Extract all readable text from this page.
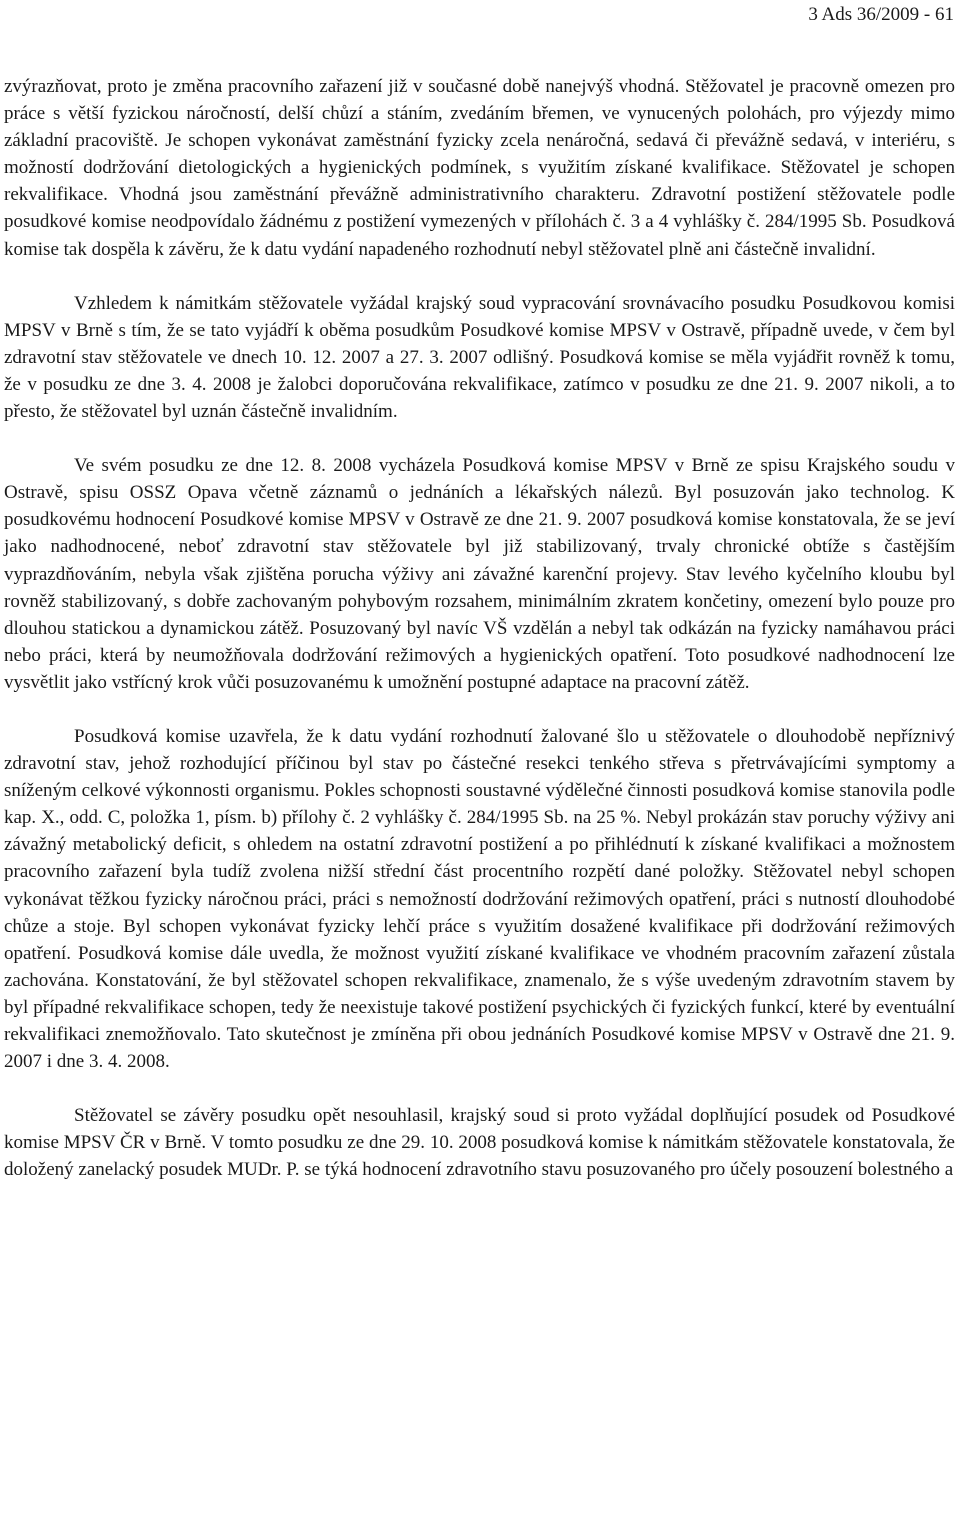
3 Ads 36/2009 - 61

zvýrazňovat, proto je změna pracovního zařazení již v současné době nanejvýš vhodná. Stěžovatel je pracovně omezen pro práce s větší fyzickou náročností, delší chůzí a stáním, zvedáním břemen, ve vynucených polohách, pro výjezdy mimo základní pracoviště. Je schopen vykonávat zaměstnání fyzicky zcela nenáročná, sedavá či převážně sedavá, v interiéru, s možností dodržování dietologických a hygienických podmínek, s využitím získané kvalifikace. Stěžovatel je schopen rekvalifikace. Vhodná jsou zaměstnání převážně administrativního charakteru. Zdravotní postižení stěžovatele podle posudkové komise neodpovídalo žádnému z postižení vymezených v přílohách č. 3 a 4 vyhlášky č. 284/1995 Sb. Posudková komise tak dospěla k závěru, že k datu vydání napadeného rozhodnutí nebyl stěžovatel plně ani částečně invalidní.

Vzhledem k námitkám stěžovatele vyžádal krajský soud vypracování srovnávacího posudku Posudkovou komisi MPSV v Brně s tím, že se tato vyjádří k oběma posudkům Posudkové komise MPSV v Ostravě, případně uvede, v čem byl zdravotní stav stěžovatele ve dnech 10. 12. 2007 a 27. 3. 2007 odlišný. Posudková komise se měla vyjádřit rovněž k tomu, že v posudku ze dne 3. 4. 2008 je žalobci doporučována rekvalifikace, zatímco v posudku ze dne 21. 9. 2007 nikoli, a to přesto, že stěžovatel byl uznán částečně invalidním.

Ve svém posudku ze dne 12. 8. 2008 vycházela Posudková komise MPSV v Brně ze spisu Krajského soudu v Ostravě, spisu OSSZ Opava včetně záznamů o jednáních a lékařských nálezů. Byl posuzován jako technolog. K posudkovému hodnocení Posudkové komise MPSV v Ostravě ze dne 21. 9. 2007 posudková komise konstatovala, že se jeví jako nadhodnocené, neboť zdravotní stav stěžovatele byl již stabilizovaný, trvaly chronické obtíže s častějším vyprazdňováním, nebyla však zjištěna porucha výživy ani závažné karenční projevy. Stav levého kyčelního kloubu byl rovněž stabilizovaný, s dobře zachovaným pohybovým rozsahem, minimálním zkratem končetiny, omezení bylo pouze pro dlouhou statickou a dynamickou zátěž. Posuzovaný byl navíc VŠ vzdělán a nebyl tak odkázán na fyzicky namáhavou práci nebo práci, která by neumožňovala dodržování režimových a hygienických opatření. Toto posudkové nadhodnocení lze vysvětlit jako vstřícný krok vůči posuzovanému k umožnění postupné adaptace na pracovní zátěž.

Posudková komise uzavřela, že k datu vydání rozhodnutí žalované šlo u stěžovatele o dlouhodobě nepříznivý zdravotní stav, jehož rozhodující příčinou byl stav po částečné resekci tenkého střeva s přetrvávajícími symptomy a sníženým celkové výkonnosti organismu. Pokles schopnosti soustavné výdělečné činnosti posudková komise stanovila podle kap. X., odd. C, položka 1, písm. b) přílohy č. 2 vyhlášky č. 284/1995 Sb. na 25 %. Nebyl prokázán stav poruchy výživy ani závažný metabolický deficit, s ohledem na ostatní zdravotní postižení a po přihlédnutí k získané kvalifikaci a možnostem pracovního zařazení byla tudíž zvolena nižší střední část procentního rozpětí dané položky. Stěžovatel nebyl schopen vykonávat těžkou fyzicky náročnou práci, práci s nemožností dodržování režimových opatření, práci s nutností dlouhodobé chůze a stoje. Byl schopen vykonávat fyzicky lehčí práce s využitím dosažené kvalifikace při dodržování režimových opatření. Posudková komise dále uvedla, že možnost využití získané kvalifikace ve vhodném pracovním zařazení zůstala zachována. Konstatování, že byl stěžovatel schopen rekvalifikace, znamenalo, že s výše uvedeným zdravotním stavem by byl případné rekvalifikace schopen, tedy že neexistuje takové postižení psychických či fyzických funkcí, které by eventuální rekvalifikaci znemožňovalo. Tato skutečnost je zmíněna při obou jednáních Posudkové komise MPSV v Ostravě dne 21. 9. 2007 i dne 3. 4. 2008.

Stěžovatel se závěry posudku opět nesouhlasil, krajský soud si proto vyžádal doplňující posudek od Posudkové komise MPSV ČR v Brně. V tomto posudku ze dne 29. 10. 2008 posudková komise k námitkám stěžovatele konstatovala, že doložený zanelacký posudek MUDr. P. se týká hodnocení zdravotního stavu posuzovaného pro účely posouzení bolestného a
